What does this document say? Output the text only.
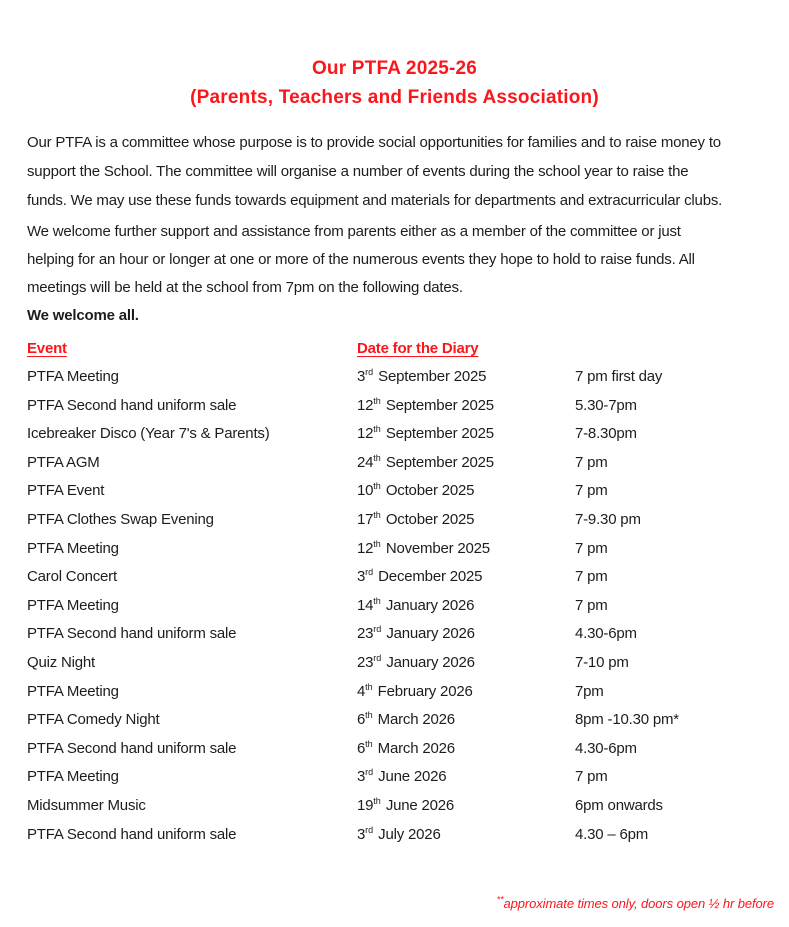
Our PTFA 2025-26
(Parents, Teachers and Friends Association)
Our PTFA is a committee whose purpose is to provide social opportunities for families and to raise money to
support the School. The committee will organise a number of events during the school year to raise the
funds. We may use these funds towards equipment and materials for departments and extracurricular clubs.
We welcome further support and assistance from parents either as a member of the committee or just
helping for an hour or longer at one or more of the numerous events they hope to hold to raise funds. All
meetings will be held at the school from 7pm on the following dates.
We welcome all.
Event	Date for the Diary
PTFA Meeting	3rd September 2025	7 pm first day
PTFA Second hand uniform sale	12th September 2025	5.30-7pm
Icebreaker Disco (Year 7's & Parents)	12th September 2025	7-8.30pm
PTFA AGM	24th September 2025	7 pm
PTFA Event	10th October 2025	7 pm
PTFA Clothes Swap Evening	17th October 2025	7-9.30 pm
PTFA Meeting	12th November 2025	7 pm
Carol Concert	3rd December 2025	7 pm
PTFA Meeting	14th January 2026	7 pm
PTFA Second hand uniform sale	23rd January 2026	4.30-6pm
Quiz Night	23rd January 2026	7-10 pm
PTFA Meeting	4th February 2026	7pm
PTFA Comedy Night	6th March 2026	8pm -10.30 pm*
PTFA Second hand uniform sale	6th March 2026	4.30-6pm
PTFA Meeting	3rd June 2026	7 pm
Midsummer Music	19th June 2026	6pm onwards
PTFA Second hand uniform sale	3rd July 2026	4.30 – 6pm
**approximate times only, doors open ½ hr before
